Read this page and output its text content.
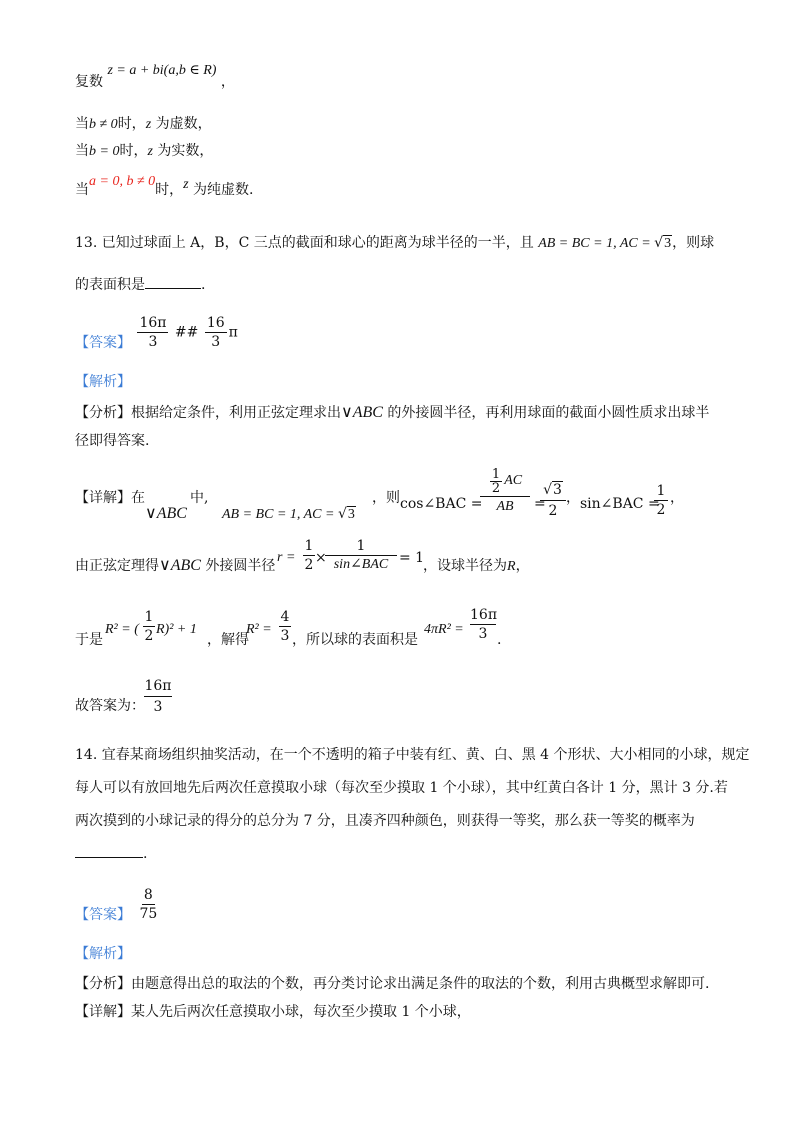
复数 z = a + bi(a,b ∈ R) ，
当b ≠ 0时，z 为虚数，
当b = 0时，z 为实数，
当a = 0, b ≠ 0时，z 为纯虚数.
13. 已知过球面上 A，B，C 三点的截面和球心的距离为球半径的一半，且 AB = BC = 1, AC = √3，则球
的表面积是	.
【答案】 $\frac{16\pi}{3}$ ## $\frac{16}{3}$ π
【解析】
【分析】根据给定条件，利用正弦定理求出∨ABC 的外接圆半径，再利用球面的截面小圆性质求出球半
径即得答案.
【详解】在	中,
∨ABC	AB = BC = 1, AC = √3
，则 cos∠BAC =
$\frac{1}{2}$ AC
AB	=
√3
2
， sin∠BAC =
$\frac{1}{2}$ ，
由正弦定理得∨ABC 外接圆半径
$r = \frac{1}{2}$ ×
1
sin∠BAC = 1
，设球半径为R，
于是
R² = ( $\frac{1}{2} R)^2 + 1$
，解得
$R^2 = \frac{4}{3}$ ，所以球的表面积是
$4\pi R^2 = \frac{16\pi}{3}$ .
故答案为： $\frac{16\pi}{3}$
14. 宜春某商场组织抽奖活动，在一个不透明的箱子中装有红、黄、白、黑 4 个形状、大小相同的小球，规定
每人可以有放回地先后两次任意摸取小球（每次至少摸取 1 个小球），其中红黄白各计 1 分，黑计 3 分.若
两次摸到的小球记录的得分的总分为 7 分，且凑齐四种颜色，则获得一等奖，那么获一等奖的概率为
.
【答案】 $\frac{8}{75}$
【解析】
【分析】由题意得出总的取法的个数，再分类讨论求出满足条件的取法的个数，利用古典概型求解即可.
【详解】某人先后两次任意摸取小球，每次至少摸取 1 个小球，
